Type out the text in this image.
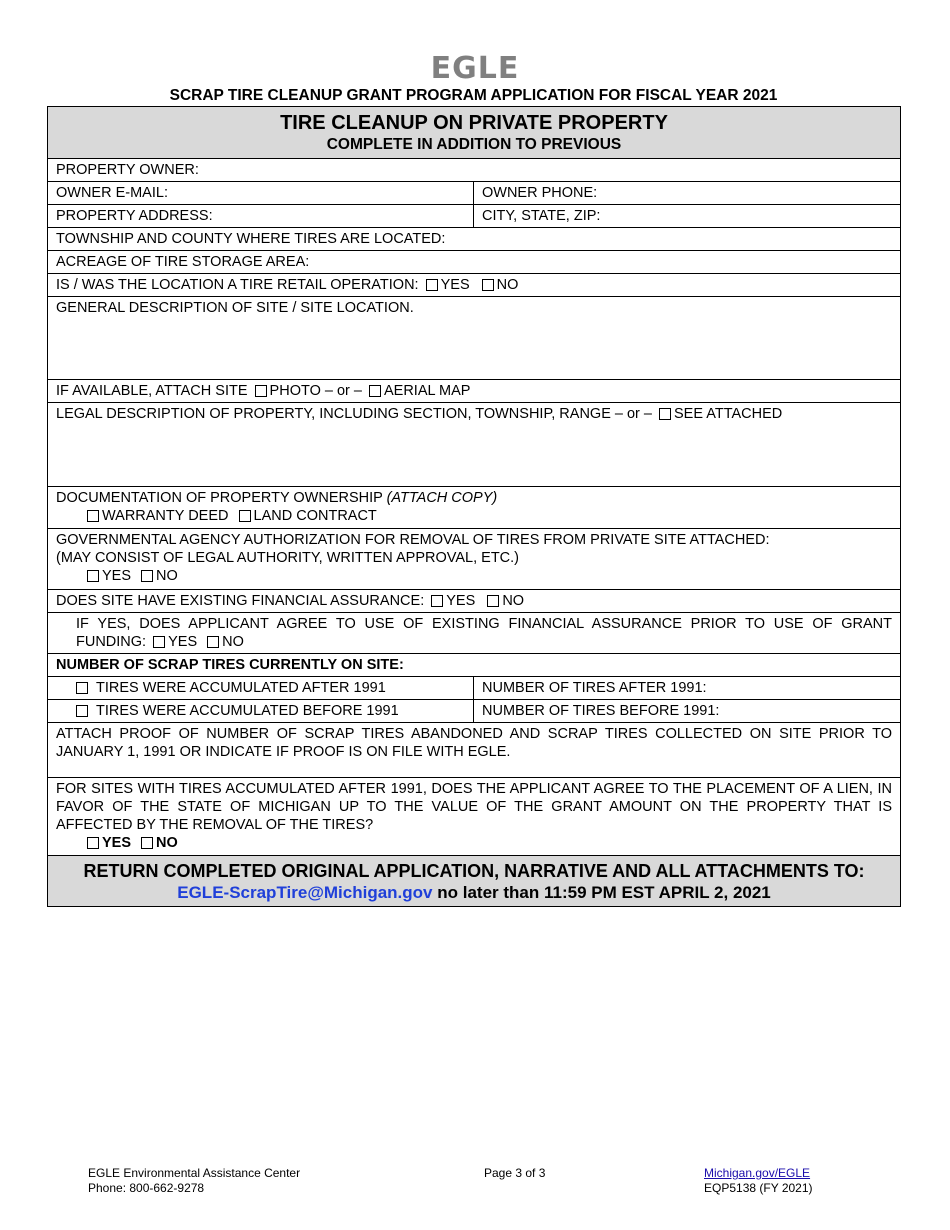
EGLE
SCRAP TIRE CLEANUP GRANT PROGRAM APPLICATION FOR FISCAL YEAR 2021
TIRE CLEANUP ON PRIVATE PROPERTY
COMPLETE IN ADDITION TO PREVIOUS	

PROPERTY OWNER:	
OWNER E-MAIL:	OWNER PHONE:
PROPERTY ADDRESS:	CITY, STATE, ZIP:
TOWNSHIP AND COUNTY WHERE TIRES ARE LOCATED:	
ACREAGE OF TIRE STORAGE AREA:	
IS / WAS THE LOCATION A TIRE RETAIL OPERATION: YES NO	
GENERAL DESCRIPTION OF SITE / SITE LOCATION.	
IF AVAILABLE, ATTACH SITE PHOTO – or – AERIAL MAP	
LEGAL DESCRIPTION OF PROPERTY, INCLUDING SECTION, TOWNSHIP, RANGE – or – SEE ATTACHED	

DOCUMENTATION OF PROPERTY OWNERSHIP (ATTACH COPY)
WARRANTY DEED LAND CONTRACT	

GOVERNMENTAL AGENCY AUTHORIZATION FOR REMOVAL OF TIRES FROM PRIVATE SITE ATTACHED:
(MAY CONSIST OF LEGAL AUTHORITY, WRITTEN APPROVAL, ETC.)
YES NO	

DOES SITE HAVE EXISTING FINANCIAL ASSURANCE: YES NO	
IF YES, DOES APPLICANT AGREE TO USE OF EXISTING FINANCIAL ASSURANCE PRIOR TO USE OF GRANT FUNDING: YES NO	
NUMBER OF SCRAP TIRES CURRENTLY ON SITE:	
TIRES WERE ACCUMULATED AFTER 1991	NUMBER OF TIRES AFTER 1991:
TIRES WERE ACCUMULATED BEFORE 1991	NUMBER OF TIRES BEFORE 1991:
ATTACH PROOF OF NUMBER OF SCRAP TIRES ABANDONED AND SCRAP TIRES COLLECTED ON SITE PRIOR TO JANUARY 1, 1991 OR INDICATE IF PROOF IS ON FILE WITH EGLE.	

FOR SITES WITH TIRES ACCUMULATED AFTER 1991, DOES THE APPLICANT AGREE TO THE PLACEMENT OF A LIEN, IN FAVOR OF THE STATE OF MICHIGAN UP TO THE VALUE OF THE GRANT AMOUNT ON THE PROPERTY THAT IS AFFECTED BY THE REMOVAL OF THE TIRES?
YES NO	

RETURN COMPLETED ORIGINAL APPLICATION, NARRATIVE AND ALL ATTACHMENTS TO:
EGLE-ScrapTire@Michigan.gov no later than 11:59 PM EST APRIL 2, 2021	
EGLE Environmental Assistance Center
Phone: 800-662-9278
Page 3 of 3	Michigan.gov/EGLE
EQP5138 (FY 2021)
